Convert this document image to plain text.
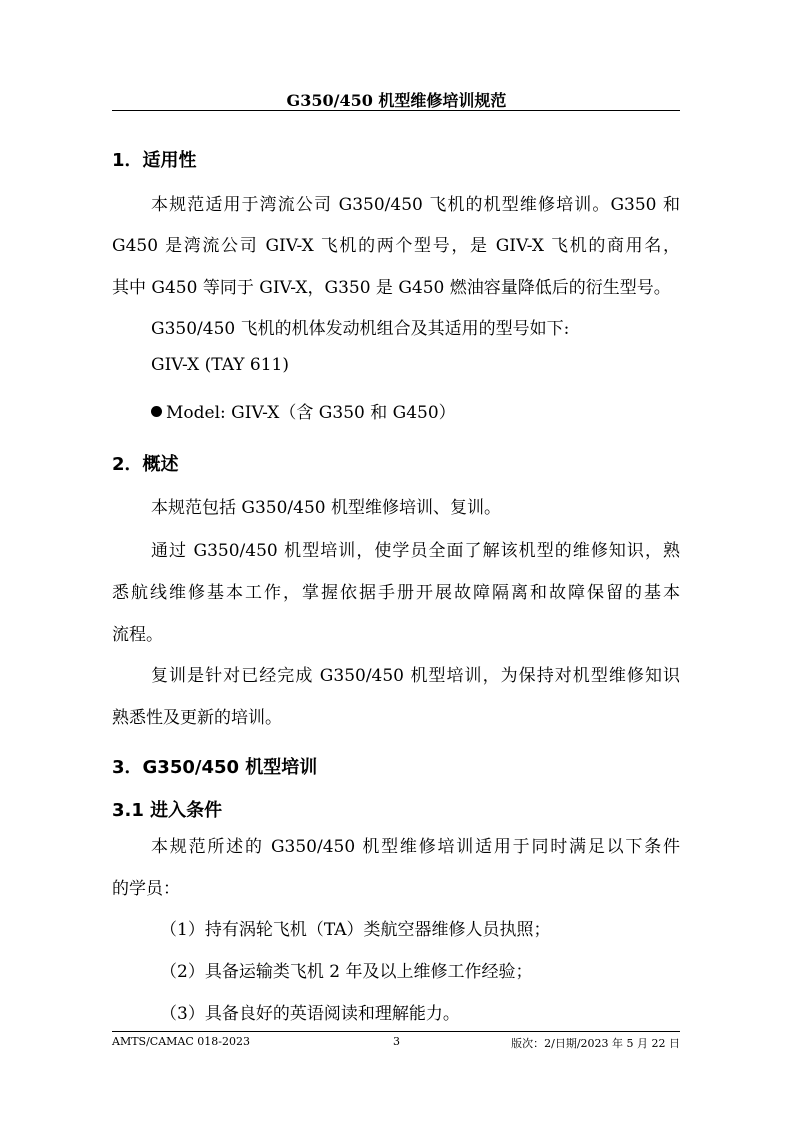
G350/450 机型维修培训规范
1．适用性
本规范适用于湾流公司 G350/450 飞机的机型维修培训。G350 和
G450 是湾流公司 GIV-X 飞机的两个型号，是 GIV-X 飞机的商用名，
其中 G450 等同于 GIV-X，G350 是 G450 燃油容量降低后的衍生型号。
G350/450 飞机的机体发动机组合及其适用的型号如下:
GIV-X (TAY 611)
Model: GIV-X（含 G350 和 G450）
2．概述
本规范包括 G350/450 机型维修培训、复训。
通过 G350/450 机型培训，使学员全面了解该机型的维修知识，熟
悉航线维修基本工作，掌握依据手册开展故障隔离和故障保留的基本
流程。
复训是针对已经完成 G350/450 机型培训，为保持对机型维修知识
熟悉性及更新的培训。
3．G350/450 机型培训
3.1 进入条件
本规范所述的 G350/450 机型维修培训适用于同时满足以下条件
的学员：
（1）持有涡轮飞机（TA）类航空器维修人员执照；
（2）具备运输类飞机 2 年及以上维修工作经验；
（3）具备良好的英语阅读和理解能力。
AMTS/CAMAC 018-2023	3	版次：2/日期/2023 年 5 月 22 日
